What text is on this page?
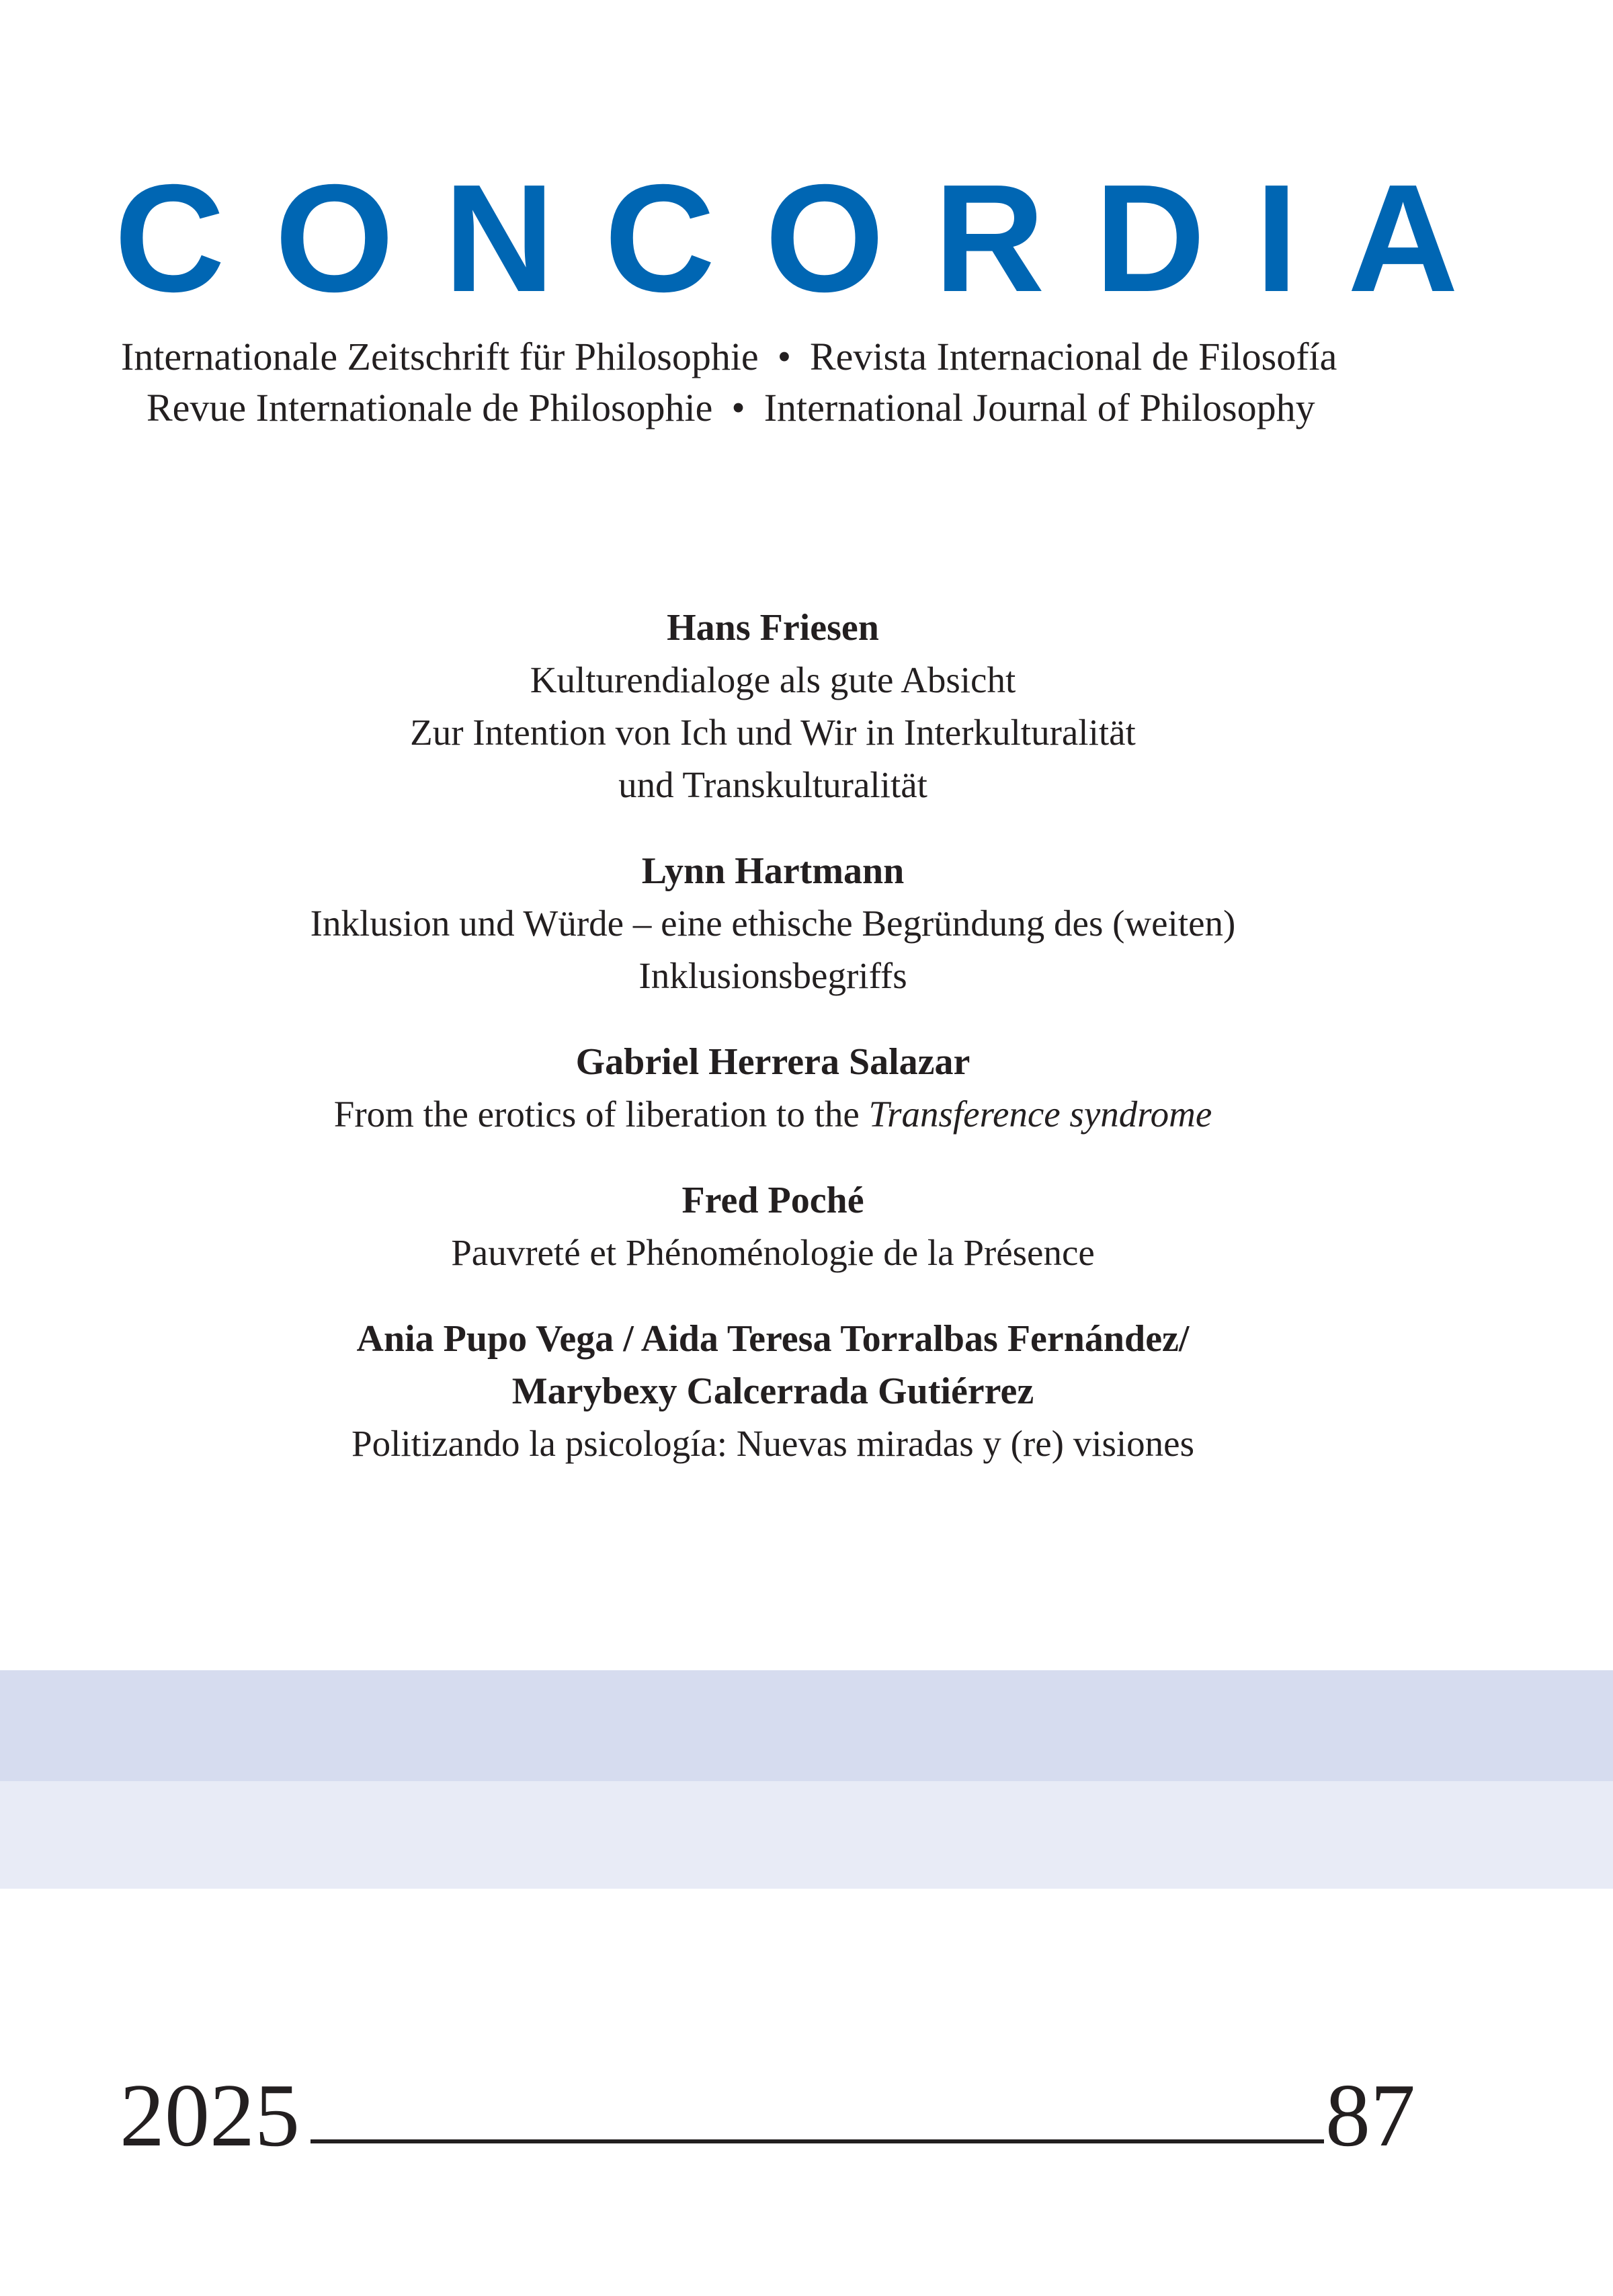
C O N C O R D I A
Internationale Zeitschrift für Philosophie • Revista Internacional de Filosofía
Revue Internationale de Philosophie • International Journal of Philosophy
Hans Friesen
Kulturendialoge als gute Absicht
Zur Intention von Ich und Wir in Interkulturalität
und Transkulturalität
Lynn Hartmann
Inklusion und Würde – eine ethische Begründung des (weiten)
Inklusionsbegriffs
Gabriel Herrera Salazar
From the erotics of liberation to the Transference syndrome
Fred Poché
Pauvreté et Phénoménologie de la Présence
Ania Pupo Vega / Aida Teresa Torralbas Fernández/
Marybexy Calcerrada Gutiérrez
Politizando la psicología: Nuevas miradas y (re) visiones
2025	87
